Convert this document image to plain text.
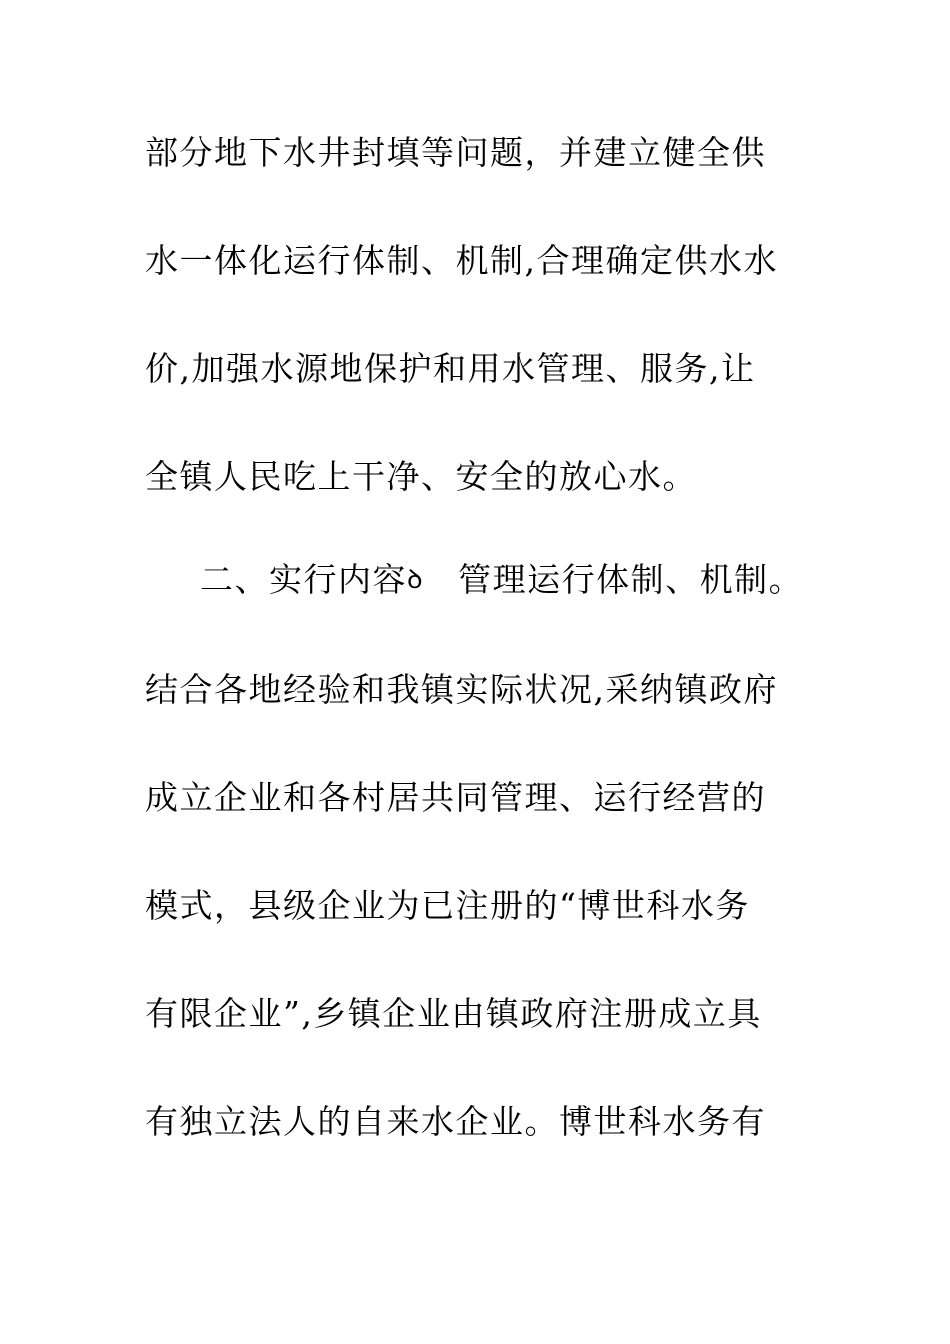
部分地下水井封填等问题，并建立健全供
水一体化运行体制、机制,合理确定供水水
价,加强水源地保护和用水管理、服务,让
全镇人民吃上干净、安全的放心水。
二、实行内容ꝺ 管理运行体制、机制。
结合各地经验和我镇实际状况,采纳镇政府
成立企业和各村居共同管理、运行经营的
模式，县级企业为已注册的“博世科水务
有限企业”,乡镇企业由镇政府注册成立具
有独立法人的自来水企业。博世科水务有
